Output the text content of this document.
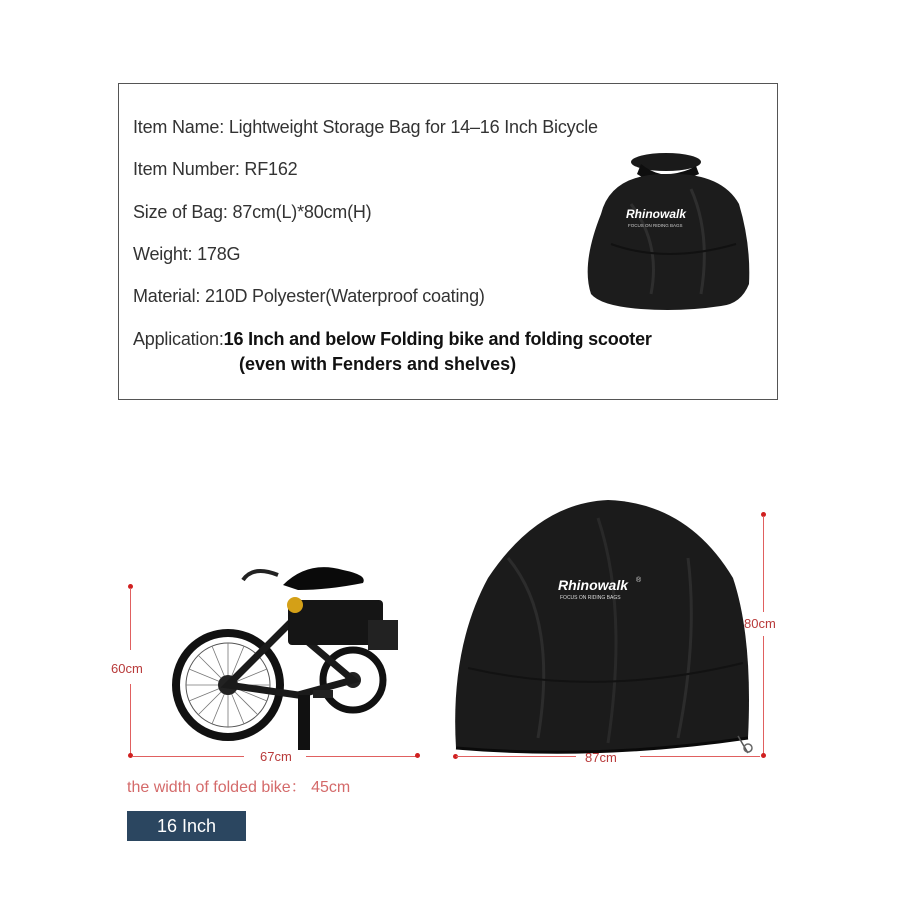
Item Name: Lightweight Storage Bag for 14–16 Inch Bicycle
Item Number: RF162
Size of Bag: 87cm(L)*80cm(H)
Weight: 178G
Material: 210D Polyester(Waterproof coating)
Application:16 Inch and below Folding bike and folding scooter
(even with Fenders and shelves)
Rhinowalk
FOCUS ON RIDING BAGS
60cm
67cm
Rhinowalk
FOCUS ON RIDING BAGS
®
80cm
87cm
the width of folded bike： 45cm
16 Inch
